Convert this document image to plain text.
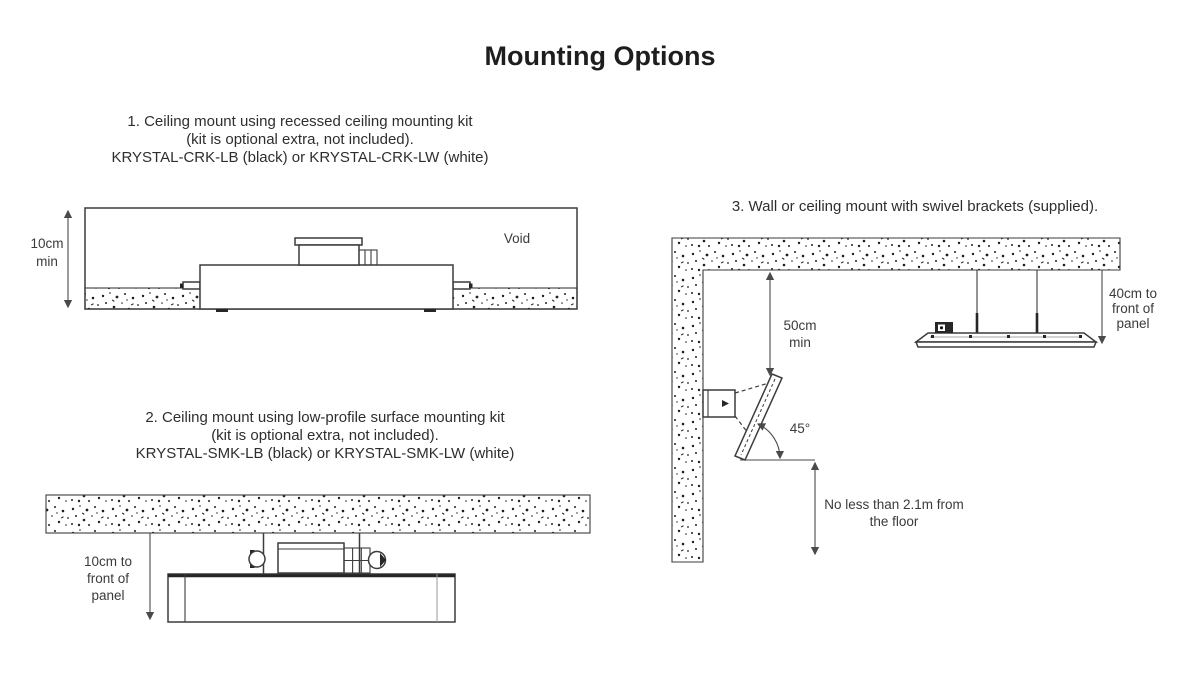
Mounting Options
1. Ceiling mount using recessed ceiling mounting kit
(kit is optional extra, not included).
KRYSTAL-CRK-LB (black) or KRYSTAL-CRK-LW (white)
10cm
min
Void
2. Ceiling mount using low-profile surface mounting kit
(kit is optional extra, not included).
KRYSTAL-SMK-LB (black) or KRYSTAL-SMK-LW (white)
10cm to
front of
panel
3. Wall or ceiling mount with swivel brackets (supplied).
50cm
min
40cm to
front of
panel
45°
No less than 2.1m from
the floor
